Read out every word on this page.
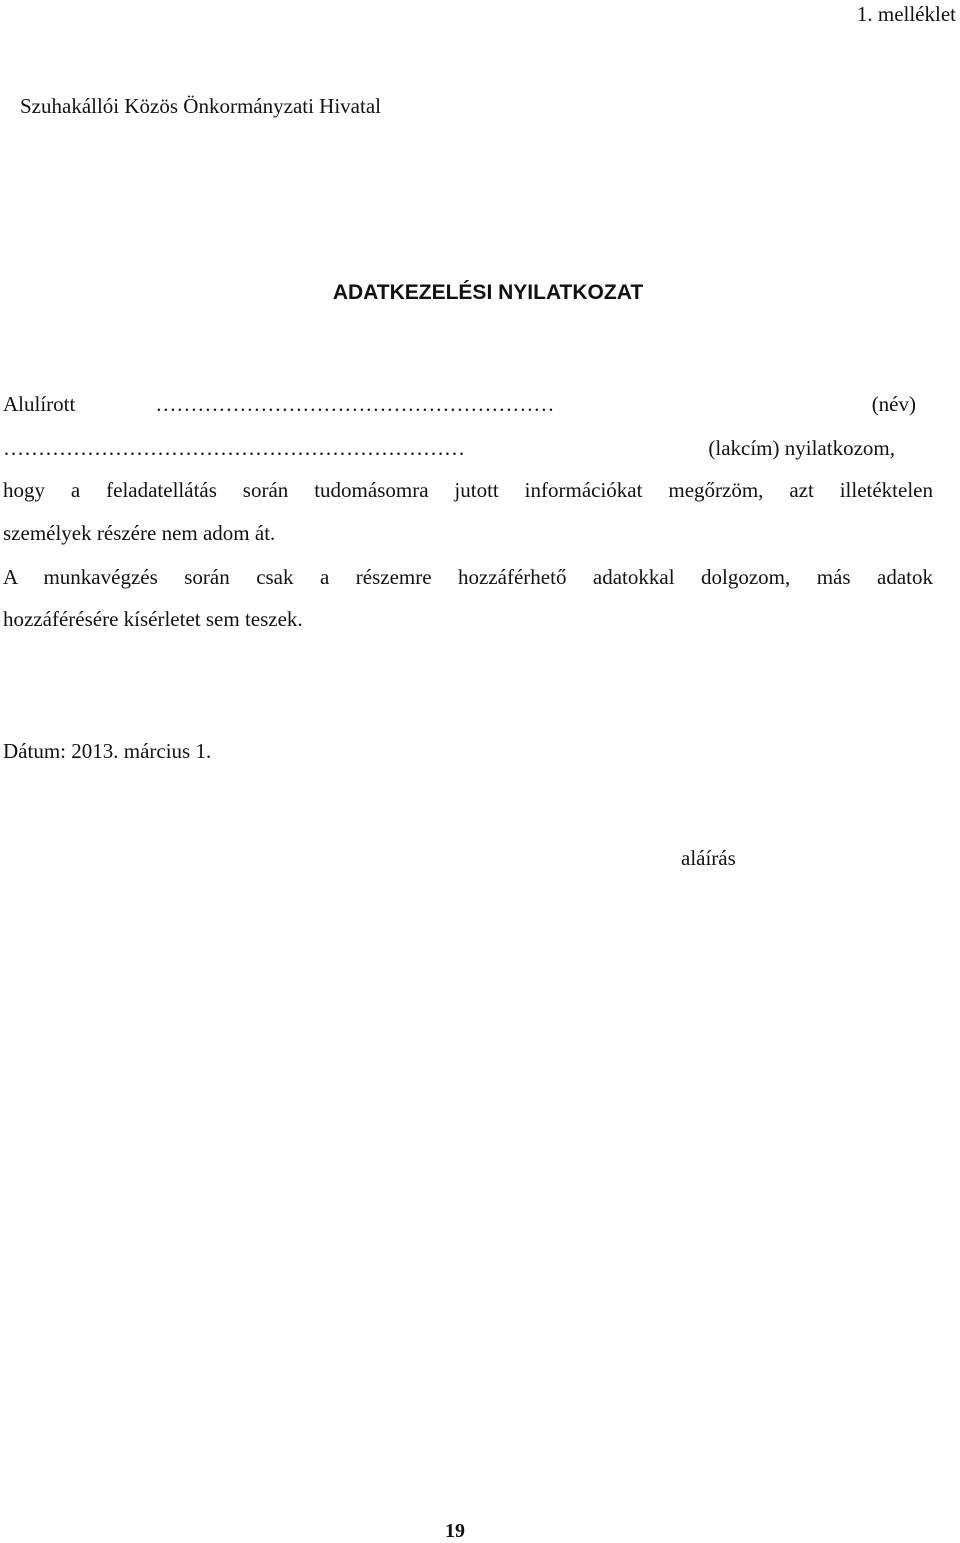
1. melléklet
Szuhakállói Közös Önkormányzati Hivatal
ADATKEZELÉSI NYILATKOZAT
Alulírott	…………………………………………………	(név)
…………………………………………………………	(lakcím) nyilatkozom,
hogy a feladatellátás során tudomásomra jutott információkat megőrzöm, azt illetéktelen
személyek részére nem adom át.
A munkavégzés során csak a részemre hozzáférhető adatokkal dolgozom, más adatok
hozzáférésére kísérletet sem teszek.
Dátum: 2013. március 1.
aláírás
19
